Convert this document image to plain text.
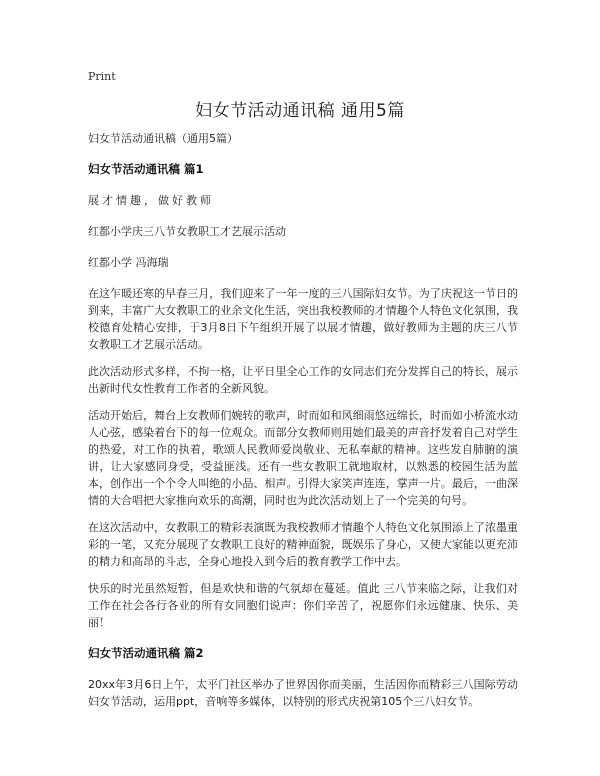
Print
妇女节活动通讯稿 通用5篇

妇女节活动通讯稿（通用5篇）

妇女节活动通讯稿 篇1

展才情趣，做好教师

红都小学庆三八节女教职工才艺展示活动

红都小学 冯海瑞

在这乍暖还寒的早春三月，我们迎来了一年一度的三八国际妇女节。为了庆祝这一节日的到来，丰富广大女教职工的业余文化生活，突出我校教师的才情趣个人特色文化氛围，我校德育处精心安排，于3月8日下午组织开展了以展才情趣，做好教师为主题的庆三八节 女教职工才艺展示活动。

此次活动形式多样，不拘一格，让平日里全心工作的女同志们充分发挥自己的特长，展示出新时代女性教育工作者的全新风貌。

活动开始后，舞台上女教师们婉转的歌声，时而如和风细雨悠远绵长，时而如小桥流水动人心弦，感染着台下的每一位观众。而部分女教师则用她们最美的声音抒发着自己对学生的热爱，对工作的执着，歌颂人民教师爱岗敬业、无私奉献的精神。这些发自肺腑的演讲，让大家感同身受，受益匪浅。还有一些女教职工就地取材，以熟悉的校园生活为蓝本，创作出一个个令人叫绝的小品、相声。引得大家笑声连连，掌声一片。最后，一曲深情的大合唱把大家推向欢乐的高潮，同时也为此次活动划上了一个完美的句号。

在这次活动中，女教职工的精彩表演既为我校教师才情趣个人特色文化氛围添上了浓墨重彩的一笔，又充分展现了女教职工良好的精神面貌，既娱乐了身心，又使大家能以更充沛的精力和高昂的斗志，全身心地投入到今后的教育教学工作中去。

快乐的时光虽然短暂，但是欢快和谐的气氛却在蔓延。值此 三八节来临之际，让我们对工作在社会各行各业的所有女同胞们说声：你们辛苦了，祝愿你们永远健康、快乐、美丽！

妇女节活动通讯稿 篇2

20xx年3月6日上午，太平门社区举办了世界因你而美丽，生活因你而精彩三八国际劳动妇女节活动，运用ppt，音响等多媒体，以特别的形式庆祝第105个三八妇女节。
